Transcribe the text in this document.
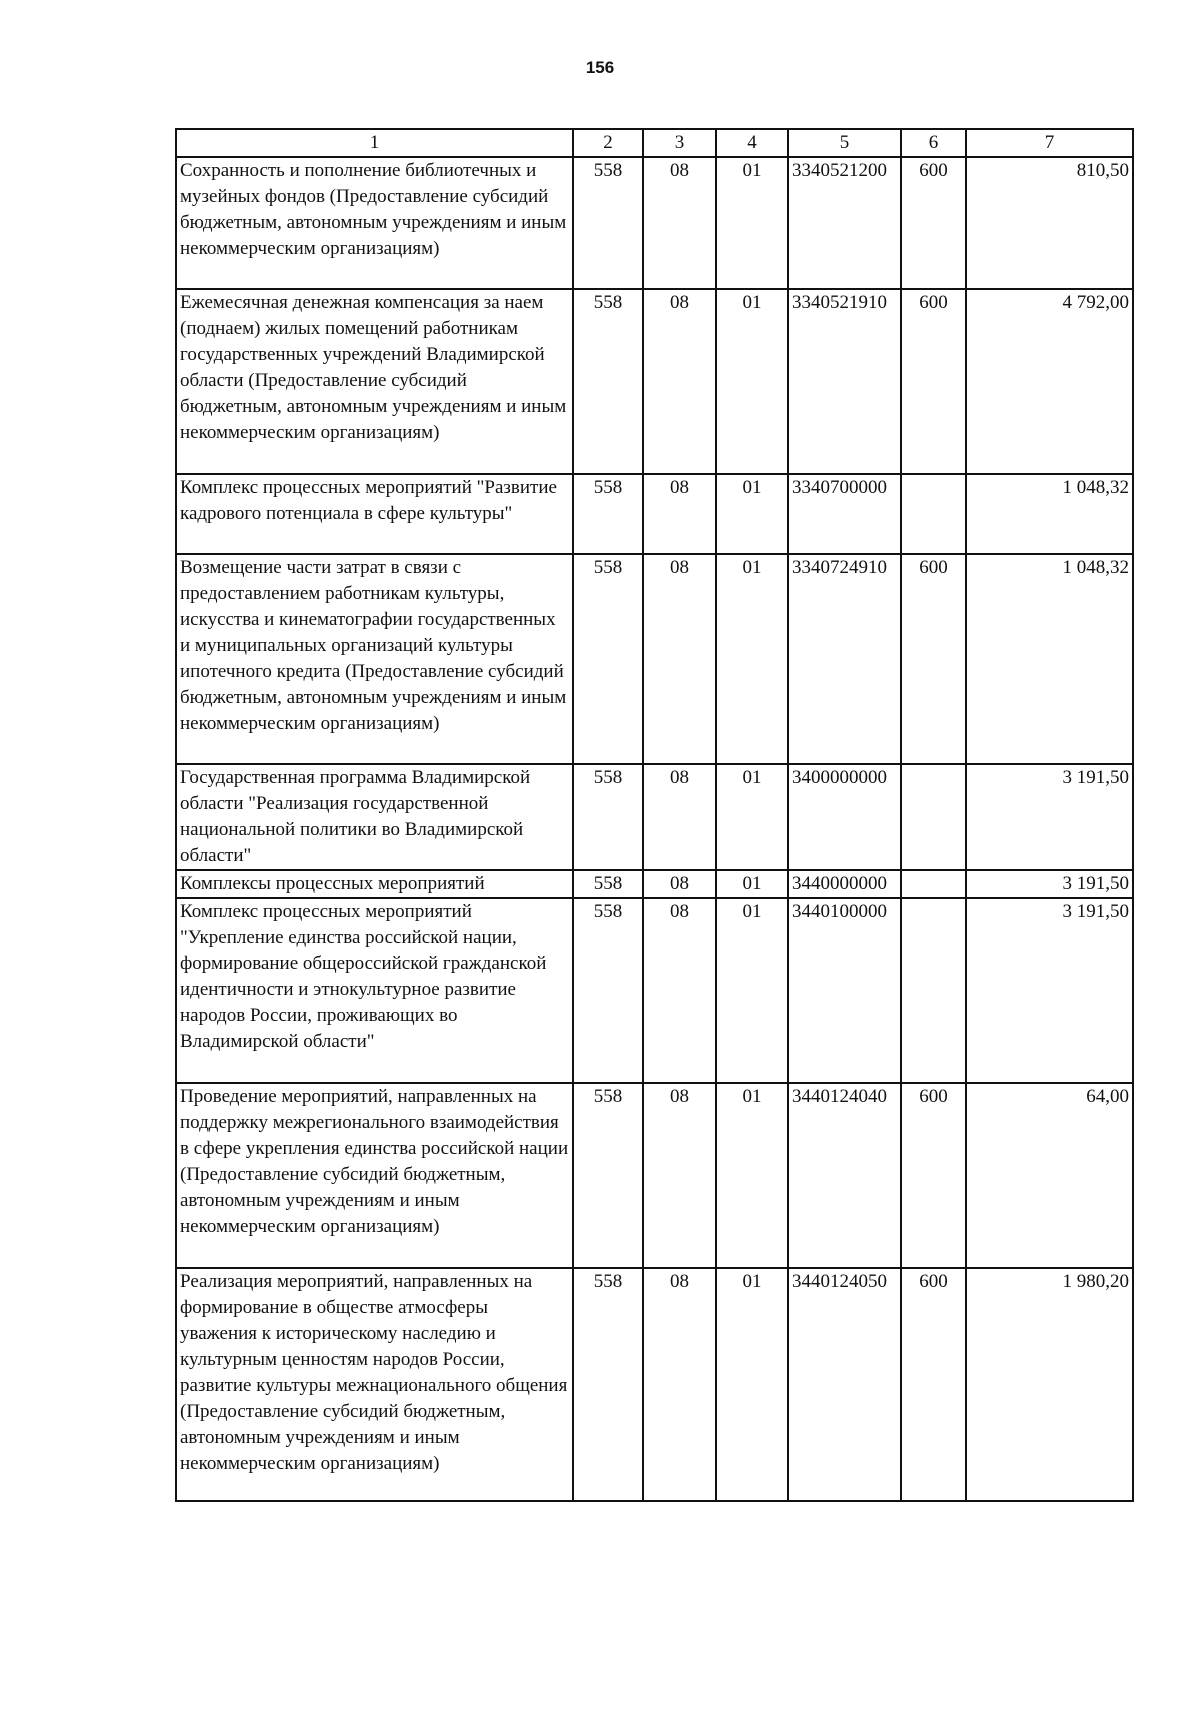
156
1	2	3	4	5	6	7
Сохранность и пополнение библиотечных и музейных фондов (Предоставление субсидий бюджетным, автономным учреждениям и иным некоммерческим организациям)	558	08	01	3340521200	600	810,50
Ежемесячная денежная компенсация за наем (поднаем) жилых помещений работникам государственных учреждений Владимирской области (Предоставление субсидий бюджетным, автономным учреждениям и иным некоммерческим организациям)	558	08	01	3340521910	600	4 792,00
Комплекс процессных мероприятий "Развитие кадрового потенциала в сфере культуры"	558	08	01	3340700000		1 048,32
Возмещение части затрат в связи с предоставлением работникам культуры, искусства и кинематографии государственных и муниципальных организаций культуры ипотечного кредита (Предоставление субсидий бюджетным, автономным учреждениям и иным некоммерческим организациям)	558	08	01	3340724910	600	1 048,32
Государственная программа Владимирской области "Реализация государственной национальной политики во Владимирской области"	558	08	01	3400000000		3 191,50
Комплексы процессных мероприятий	558	08	01	3440000000		3 191,50
Комплекс процессных мероприятий "Укрепление единства российской нации, формирование общероссийской гражданской идентичности и этнокультурное развитие народов России, проживающих во Владимирской области"	558	08	01	3440100000		3 191,50
Проведение мероприятий, направленных на поддержку межрегионального взаимодействия в сфере укрепления единства российской нации (Предоставление субсидий бюджетным, автономным учреждениям и иным некоммерческим организациям)	558	08	01	3440124040	600	64,00
Реализация мероприятий, направленных на формирование в обществе атмосферы уважения к историческому наследию и культурным ценностям народов России, развитие культуры межнационального общения (Предоставление субсидий бюджетным, автономным учреждениям и иным некоммерческим организациям)	558	08	01	3440124050	600	1 980,20
